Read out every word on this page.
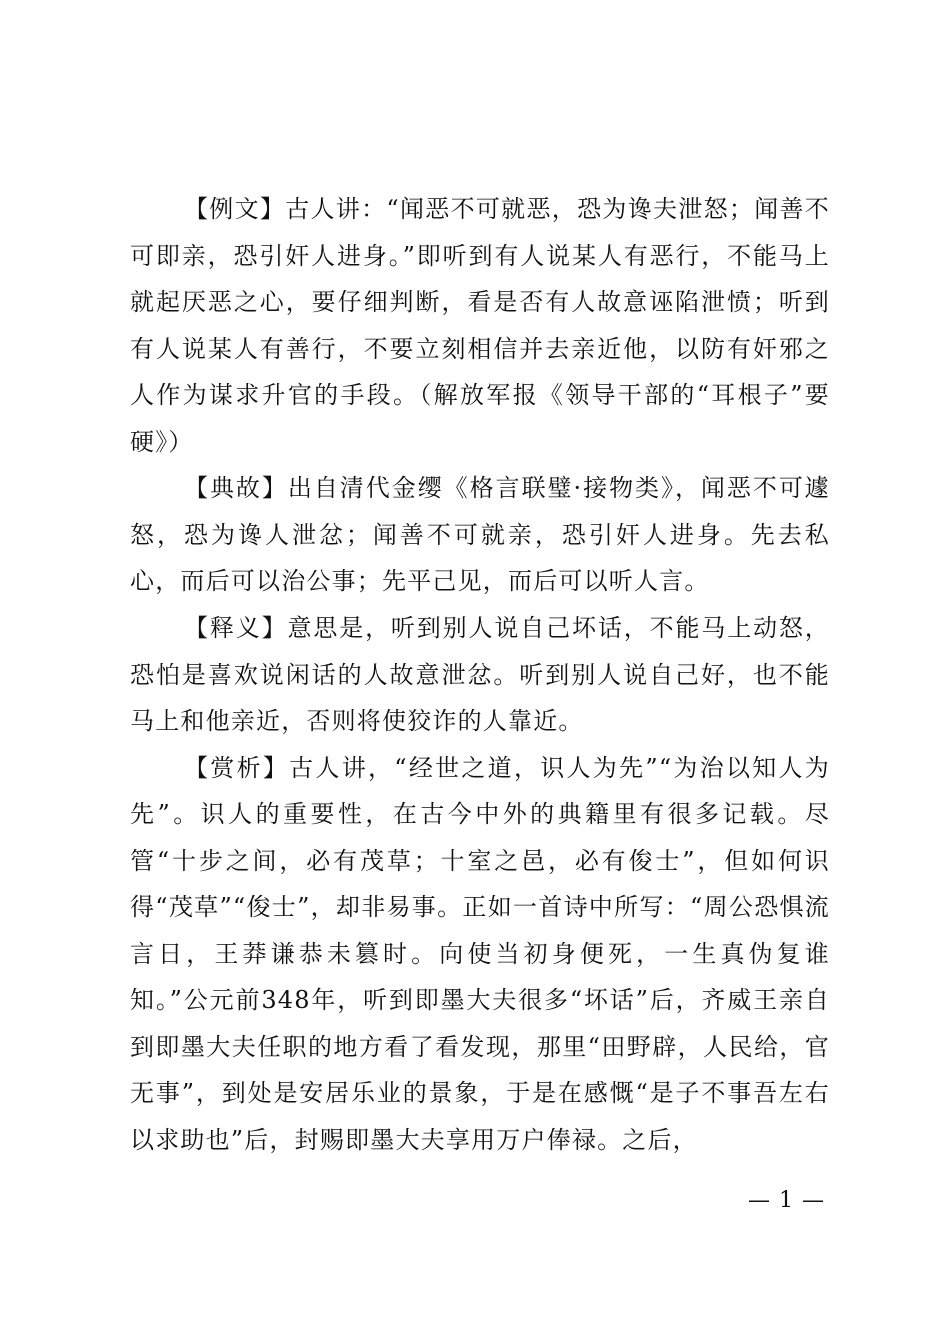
【例文】古人讲：“闻恶不可就恶，恐为谗夫泄怒；闻善不可即亲，恐引奸人进身。”即听到有人说某人有恶行，不能马上就起厌恶之心，要仔细判断，看是否有人故意诬陷泄愤；听到有人说某人有善行，不要立刻相信并去亲近他，以防有奸邪之人作为谋求升官的手段。（解放军报《领导干部的“耳根子”要硬》）

【典故】出自清代金缨《格言联璧·接物类》，闻恶不可遽怒，恐为谗人泄忿；闻善不可就亲，恐引奸人进身。先去私心，而后可以治公事；先平己见，而后可以听人言。

【释义】意思是，听到别人说自己坏话，不能马上动怒，恐怕是喜欢说闲话的人故意泄忿。听到别人说自己好，也不能马上和他亲近，否则将使狡诈的人靠近。

【赏析】古人讲，“经世之道，识人为先”“为治以知人为先”。识人的重要性，在古今中外的典籍里有很多记载。尽管“十步之间，必有茂草；十室之邑，必有俊士”，但如何识得“茂草”“俊士”，却非易事。正如一首诗中所写：“周公恐惧流言日，王莽谦恭未篡时。向使当初身便死，一生真伪复谁知。”公元前348年，听到即墨大夫很多“坏话”后，齐威王亲自到即墨大夫任职的地方看了看发现，那里“田野辟，人民给，官无事”，到处是安居乐业的景象，于是在感慨“是子不事吾左右以求助也”后，封赐即墨大夫享用万户俸禄。之后，

— 1 —
